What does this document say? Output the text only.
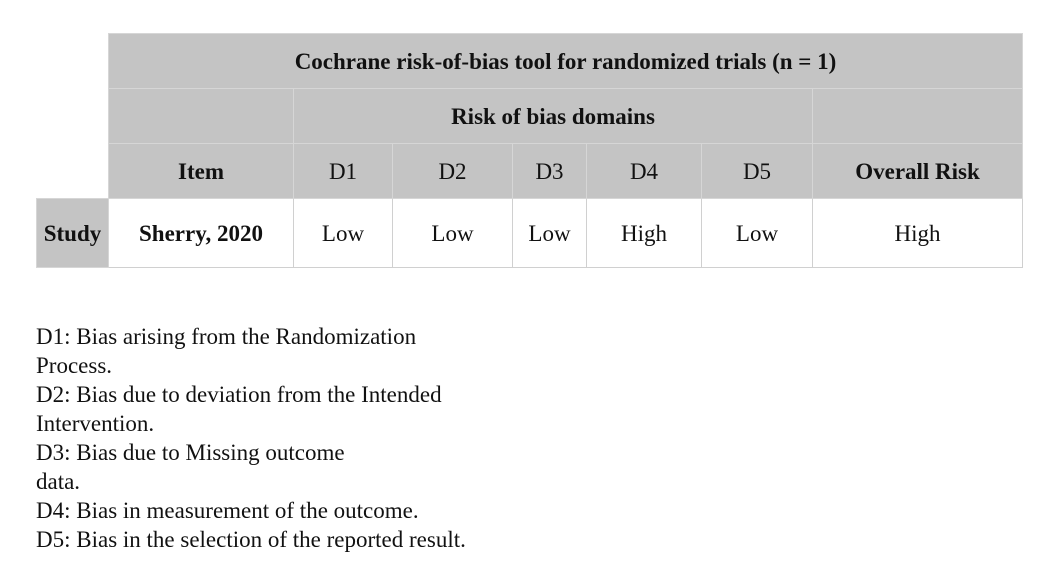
	Cochrane risk-of-bias tool for randomized trials (n = 1)						
		Risk of bias domains					
	Item	D1	D2	D3	D4	D5	Overall Risk
Study	Sherry, 2020	Low	Low	Low	High	Low	High
D1: Bias arising from the Randomization
Process.
D2: Bias due to deviation from the Intended
Intervention.
D3: Bias due to Missing outcome
data.
D4: Bias in measurement of the outcome.
D5: Bias in the selection of the reported result.
